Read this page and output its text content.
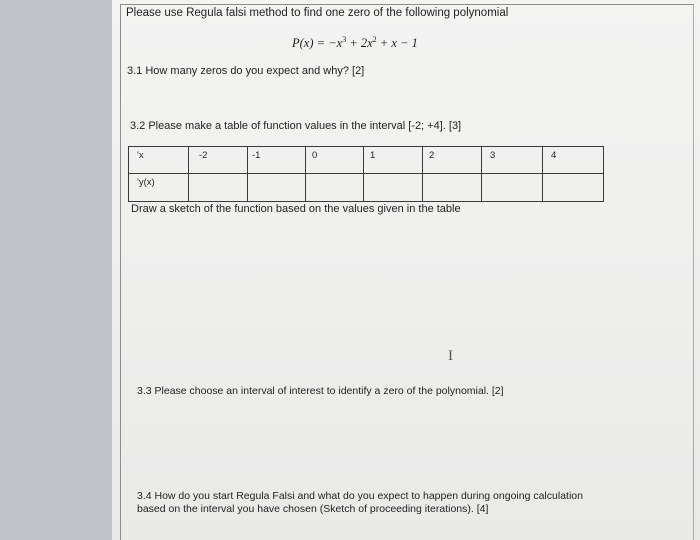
Please use Regula falsi method to find one zero of the following polynomial
$P(x) = -x^3 + 2x^2 + x - 1$
3.1 How many zeros do you expect and why? [2]
3.2 Please make a table of function values in the interval [-2; +4]. [3]
'x	-2	-1	0	1	2	3	4
'y(x)							
Draw a sketch of the function based on the values given in the table
I
3.3 Please choose an interval of interest to identify a zero of the polynomial. [2]
3.4 How do you start Regula Falsi and what do you expect to happen during ongoing calculation
based on the interval you have chosen (Sketch of proceeding iterations). [4]
